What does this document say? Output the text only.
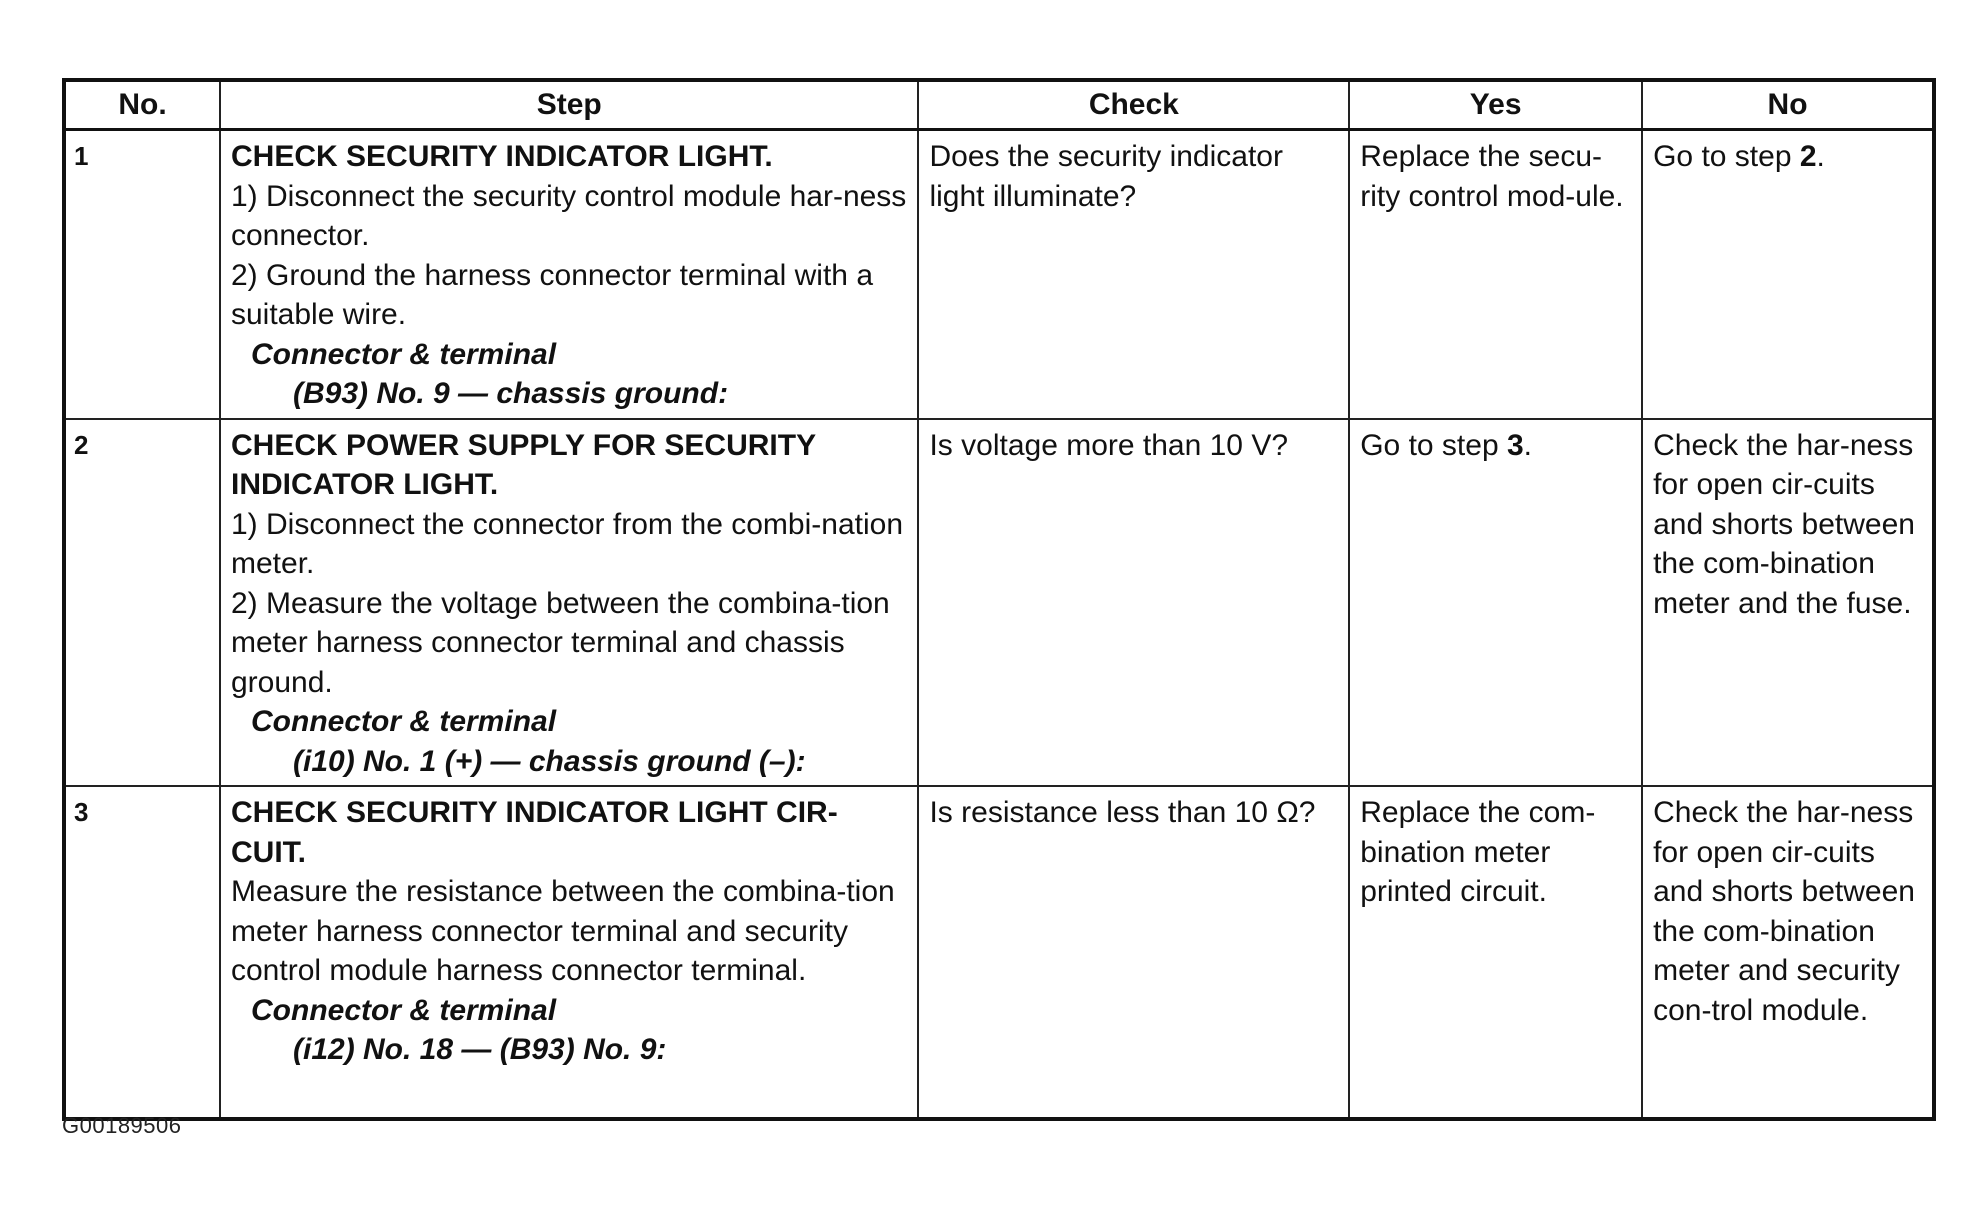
No.	Step	Check	Yes	No
1	CHECK SECURITY INDICATOR LIGHT.
1) Disconnect the security control module har-ness connector.
2) Ground the harness connector terminal with a suitable wire.
Connector & terminal
(B93) No. 9 — chassis ground:	Does the security indicator light illuminate?	Replace the secu-rity control mod-ule.	Go to step 2.
2	CHECK POWER SUPPLY FOR SECURITY INDICATOR LIGHT.
1) Disconnect the connector from the combi-nation meter.
2) Measure the voltage between the combina-tion meter harness connector terminal and chassis ground.
Connector & terminal
(i10) No. 1 (+) — chassis ground (–):	Is voltage more than 10 V?	Go to step 3.	Check the har-ness for open cir-cuits and shorts between the com-bination meter and the fuse.
3	CHECK SECURITY INDICATOR LIGHT CIR-CUIT.
Measure the resistance between the combina-tion meter harness connector terminal and security control module harness connector terminal.
Connector & terminal
(i12) No. 18 — (B93) No. 9:	Is resistance less than 10 Ω?	Replace the com-bination meter printed circuit.	Check the har-ness for open cir-cuits and shorts between the com-bination meter and security con-trol module.
G00189506
